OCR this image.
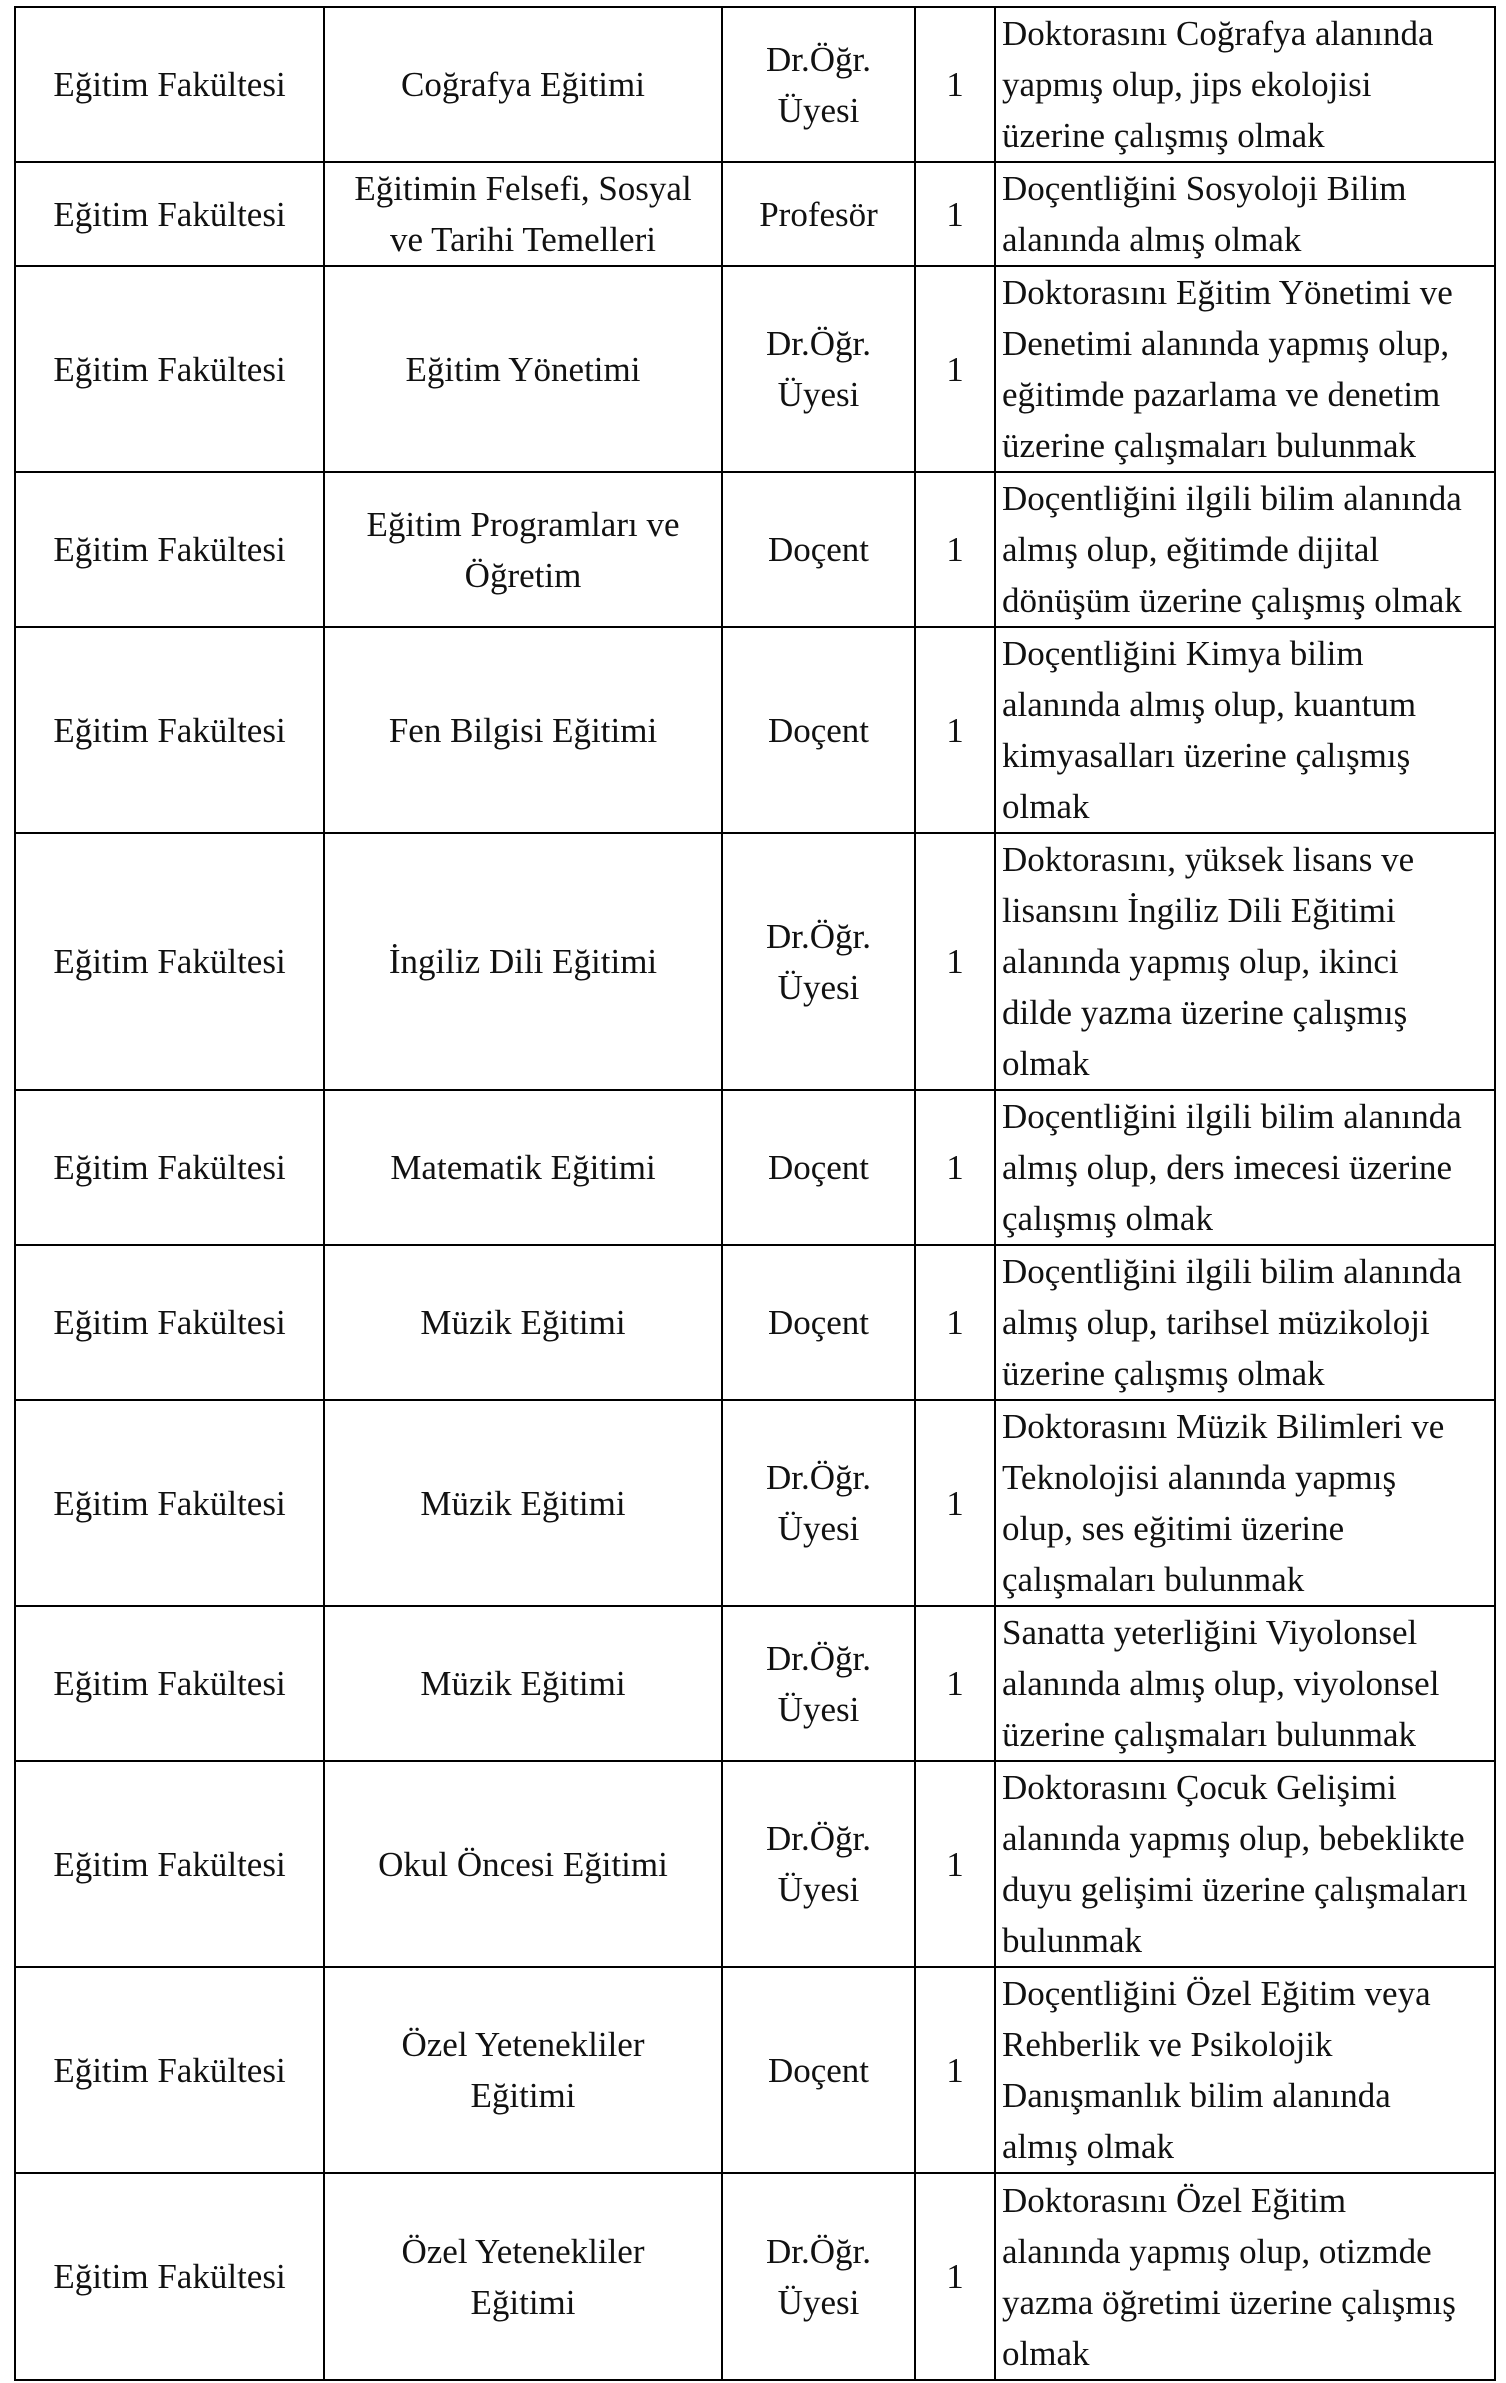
Eğitim Fakültesi	Coğrafya Eğitimi	Dr.Öğr.
Üyesi	1	Doktorasını Coğrafya alanında
yapmış olup, jips ekolojisi
üzerine çalışmış olmak

Eğitim Fakültesi	Eğitimin Felsefi, Sosyal
ve Tarihi Temelleri	Profesör	1	Doçentliğini Sosyoloji Bilim
alanında almış olmak

Eğitim Fakültesi	Eğitim Yönetimi	Dr.Öğr.
Üyesi	1	Doktorasını Eğitim Yönetimi ve
Denetimi alanında yapmış olup,
eğitimde pazarlama ve denetim
üzerine çalışmaları bulunmak

Eğitim Fakültesi	Eğitim Programları ve
Öğretim	Doçent	1	Doçentliğini ilgili bilim alanında
almış olup, eğitimde dijital
dönüşüm üzerine çalışmış olmak

Eğitim Fakültesi	Fen Bilgisi Eğitimi	Doçent	1	Doçentliğini Kimya bilim
alanında almış olup, kuantum
kimyasalları üzerine çalışmış
olmak

Eğitim Fakültesi	İngiliz Dili Eğitimi	Dr.Öğr.
Üyesi	1	Doktorasını, yüksek lisans ve
lisansını İngiliz Dili Eğitimi
alanında yapmış olup, ikinci
dilde yazma üzerine çalışmış
olmak

Eğitim Fakültesi	Matematik Eğitimi	Doçent	1	Doçentliğini ilgili bilim alanında
almış olup, ders imecesi üzerine
çalışmış olmak

Eğitim Fakültesi	Müzik Eğitimi	Doçent	1	Doçentliğini ilgili bilim alanında
almış olup, tarihsel müzikoloji
üzerine çalışmış olmak

Eğitim Fakültesi	Müzik Eğitimi	Dr.Öğr.
Üyesi	1	Doktorasını Müzik Bilimleri ve
Teknolojisi alanında yapmış
olup, ses eğitimi üzerine
çalışmaları bulunmak

Eğitim Fakültesi	Müzik Eğitimi	Dr.Öğr.
Üyesi	1	Sanatta yeterliğini Viyolonsel
alanında almış olup, viyolonsel
üzerine çalışmaları bulunmak

Eğitim Fakültesi	Okul Öncesi Eğitimi	Dr.Öğr.
Üyesi	1	Doktorasını Çocuk Gelişimi
alanında yapmış olup, bebeklikte
duyu gelişimi üzerine çalışmaları
bulunmak

Eğitim Fakültesi	Özel Yetenekliler
Eğitimi	Doçent	1	Doçentliğini Özel Eğitim veya
Rehberlik ve Psikolojik
Danışmanlık bilim alanında
almış olmak

Eğitim Fakültesi	Özel Yetenekliler
Eğitimi	Dr.Öğr.
Üyesi	1	Doktorasını Özel Eğitim
alanında yapmış olup, otizmde
yazma öğretimi üzerine çalışmış
olmak
